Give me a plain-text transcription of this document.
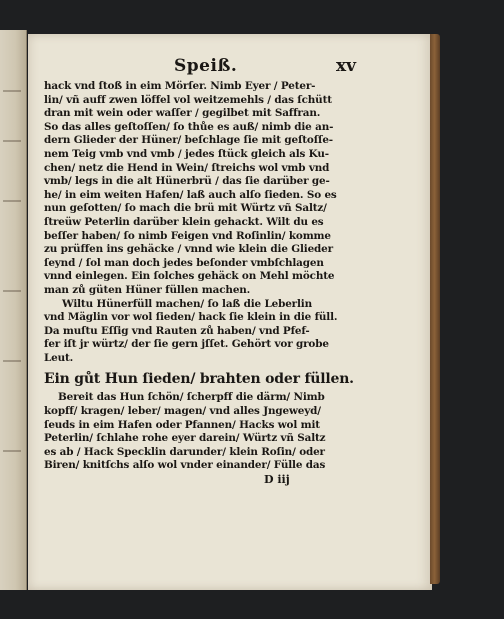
Speiß.	xv
hack vnd ſtoß in eim Mörſer. Nimb Eyer / Peter-
lin/ vñ auff zwen löffel vol weitzemehls / das ſchütt
dran mit wein oder waſſer / gegilbet mit Saffran.
So das alles geſtoſſen/ ſo thůe es auß/ nimb die an-
dern Glieder der Hüner/ beſchlage ſie mit geſtoſſe-
nem Teig vmb vnd vmb / jedes ſtück gleich als Ku-
chen/ netz die Hend in Wein/ ſtreichs wol vmb vnd
vmb/ legs in die alt Hünerbrü / das ſie darüber ge-
he/ in eim weiten Hafen/ laß auch alſo ſieden. So es
nun geſotten/ ſo mach die brü mit Würtz vñ Saltz/
ſtreüw Peterlin darüber klein gehackt. Wilt du es
beſſer haben/ ſo nimb Feigen vnd Roſinlin/ komme
zu prüffen ins gehäcke / vnnd wie klein die Glieder
ſeynd / ſol man doch jedes beſonder vmbſchlagen
vnnd einlegen. Ein ſolches gehäck on Mehl möchte
man zů güten Hüner füllen machen.
Wiltu Hünerfüll machen/ ſo laß die Leberlin
vnd Mäglin vor wol ſieden/ hack ſie klein in die füll.
Da muſtu Eſſig vnd Rauten zů haben/ vnd Pfef-
fer iſt jr würtz/ der ſie gern jſſet. Gehört vor grobe
Leut.
Ein gůt Hun ſieden/ brahten oder füllen.
Bereit das Hun ſchön/ ſcherpff die därm/ Nimb
kopff/ kragen/ leber/ magen/ vnd alles Jngeweyd/
ſeuds in eim Hafen oder Pfannen/ Hacks wol mit
Peterlin/ ſchlahe rohe eyer darein/ Würtz vñ Saltz
es ab / Hack Specklin darunder/ klein Roſin/ oder
Biren/ knitſchs alſo wol vnder einander/ Fülle das
D iij
